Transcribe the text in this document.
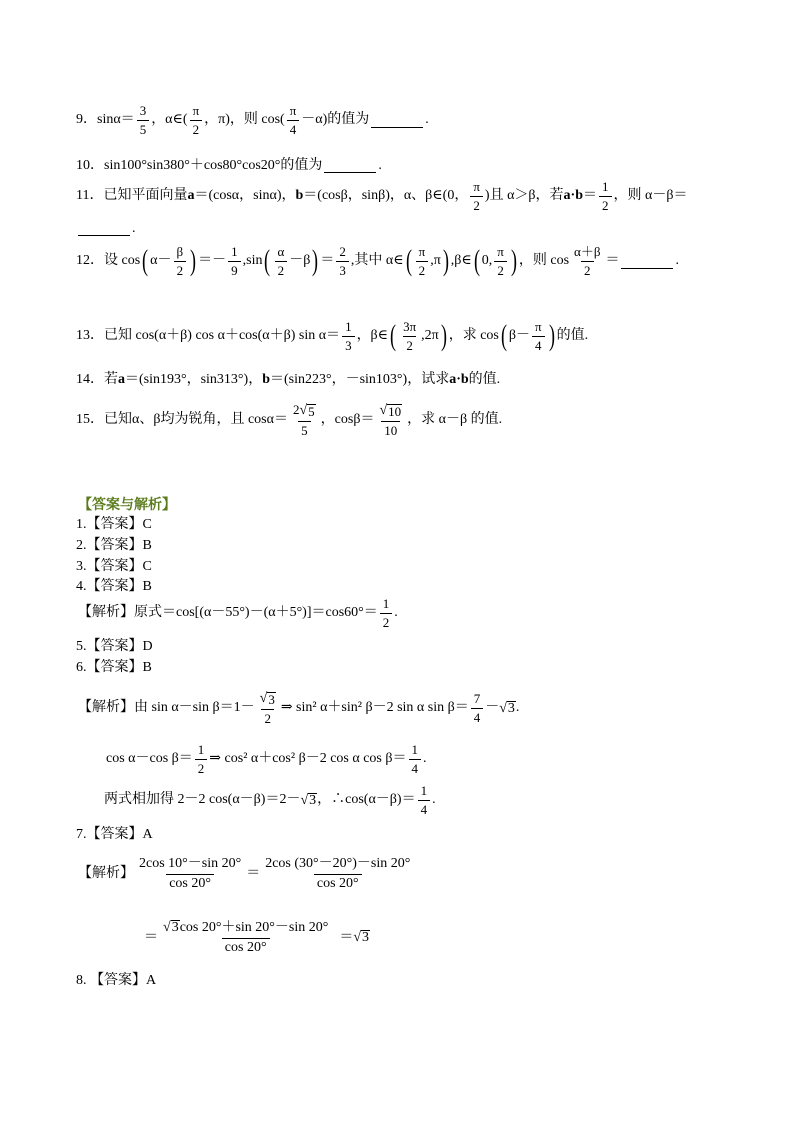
9． $\sin\alpha= \frac{3}{5}$ ，α∈( $\frac{\pi}{2}$ ，π)，则 $\cos( \frac{\pi}{4} -\alpha)$的值为	.
10．sin100°sin380°＋cos80°cos20°的值为	.
11．已知平面向量 a ＝(cosα，sinα)， b ＝(cosβ，sinβ)，α、β∈(0， $\frac{\pi}{2}$ )且 α＞β，若 $a\cdot b = \frac{1}{2}$ ，则 α－β＝
.
12．设 cos ( $\alpha- \frac{\beta}{2}$ ) ＝－ $\frac{1}{9} ,\sin$ ( $\frac{\alpha}{2} -\beta$ ) ＝ $\frac{2}{3}$ ,其中 α∈ ( $\frac{\pi}{2} ,\pi$ ) ,β∈ ( 0, $\frac{\pi}{2}$ ) ，则 $\cos \frac{\alpha+\beta}{2}$ ＝	.
13．已知 cos(α＋β) cos α＋cos(α＋β) $\sin \alpha= \frac{1}{3}$ ，β∈ ( $\frac{3\pi}{2} ,2\pi$ ) ，求 cos ( $\beta- \frac{\pi}{4}$ ) 的值.
14．若 a ＝(sin193°，sin313°)， b ＝(sin223°，－sin103°)，试求 a·b 的值.
15．已知α、β均为锐角，且 $\cos\alpha= \frac{2 √ 5}{5}$ ，$\cos\beta= \frac{√ 10}{10}$ ，求 α－β 的值.
【答案与解析】
1.【答案】C
2.【答案】B
3.【答案】C
4.【答案】B
【解析】原式$=\cos[(\alpha-55^\circ)-(\alpha+5^\circ)]=\cos 60^\circ= \frac{1}{2}$ .
5.【答案】D
6.【答案】B
【解析】由 sin α－sin $\beta=1- \frac{√ 3}{2}$ ⇒ sin² α＋sin² β－2 sin α $\sin \beta= \frac{7}{4}$ － √ 3 .
cos α－cos $\beta= \frac{1}{2}$ ⇒ cos² α＋cos² β－2 cos α $\cos \beta= \frac{1}{4}$ .
两式相加得 2－2 cos(α－β)＝2－ √ 3 ，∴cos(α－β)＝ $\frac{1}{4}$ .
7.【答案】A
【解析】 $\frac{2\cos 10^\circ-\sin 20^\circ}{\cos 20^\circ} = \frac{2\cos (30^\circ-20^\circ)-\sin 20^\circ}{\cos 20^\circ}$
＝ $\frac{√ 3 \cos 20^\circ+\sin 20^\circ-\sin 20^\circ}{\cos 20^\circ}$ ＝ √ 3
8. 【答案】A
